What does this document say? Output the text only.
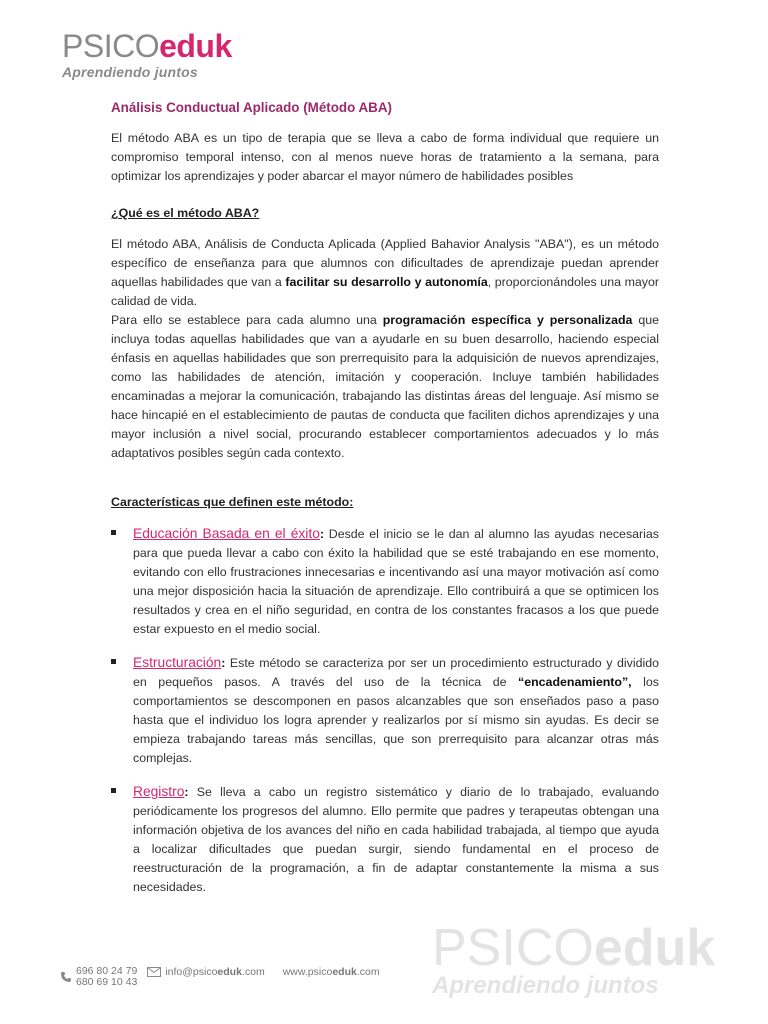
PSICOeduk
Aprendiendo juntos
Análisis Conductual Aplicado (Método ABA)

El método ABA es un tipo de terapia que se lleva a cabo de forma individual que requiere un compromiso temporal intenso, con al menos nueve horas de tratamiento a la semana, para optimizar los aprendizajes y poder abarcar el mayor número de habilidades posibles

¿Qué es el método ABA?

El método ABA, Análisis de Conducta Aplicada (Applied Bahavior Analysis "ABA"), es un método específico de enseñanza para que alumnos con dificultades de aprendizaje puedan aprender aquellas habilidades que van a facilitar su desarrollo y autonomía, proporcionándoles una mayor calidad de vida.

Para ello se establece para cada alumno una programación específica y personalizada que incluya todas aquellas habilidades que van a ayudarle en su buen desarrollo, haciendo especial énfasis en aquellas habilidades que son prerrequisito para la adquisición de nuevos aprendizajes, como las habilidades de atención, imitación y cooperación. Incluye también habilidades encaminadas a mejorar la comunicación, trabajando las distintas áreas del lenguaje. Así mismo se hace hincapié en el establecimiento de pautas de conducta que faciliten dichos aprendizajes y una mayor inclusión a nivel social, procurando establecer comportamientos adecuados y lo más adaptativos posibles según cada contexto.

Características que definen este método:
Educación Basada en el éxito: Desde el inicio se le dan al alumno las ayudas necesarias para que pueda llevar a cabo con éxito la habilidad que se esté trabajando en ese momento, evitando con ello frustraciones innecesarias e incentivando así una mayor motivación así como una mejor disposición hacia la situación de aprendizaje. Ello contribuirá a que se optimicen los resultados y crea en el niño seguridad, en contra de los constantes fracasos a los que puede estar expuesto en el medio social.
Estructuración: Este método se caracteriza por ser un procedimiento estructurado y dividido en pequeños pasos. A través del uso de la técnica de “encadenamiento”, los comportamientos se descomponen en pasos alcanzables que son enseñados paso a paso hasta que el individuo los logra aprender y realizarlos por sí mismo sin ayudas. Es decir se empieza trabajando tareas más sencillas, que son prerrequisito para alcanzar otras más complejas.
Registro: Se lleva a cabo un registro sistemático y diario de lo trabajado, evaluando periódicamente los progresos del alumno. Ello permite que padres y terapeutas obtengan una información objetiva de los avances del niño en cada habilidad trabajada, al tiempo que ayuda a localizar dificultades que puedan surgir, siendo fundamental en el proceso de reestructuración de la programación, a fin de adaptar constantemente la misma a sus necesidades.
696 80 24 79
680 69 10 43
info@psicoeduk.com www.psicoeduk.com PSICOeduk
Aprendiendo juntos
